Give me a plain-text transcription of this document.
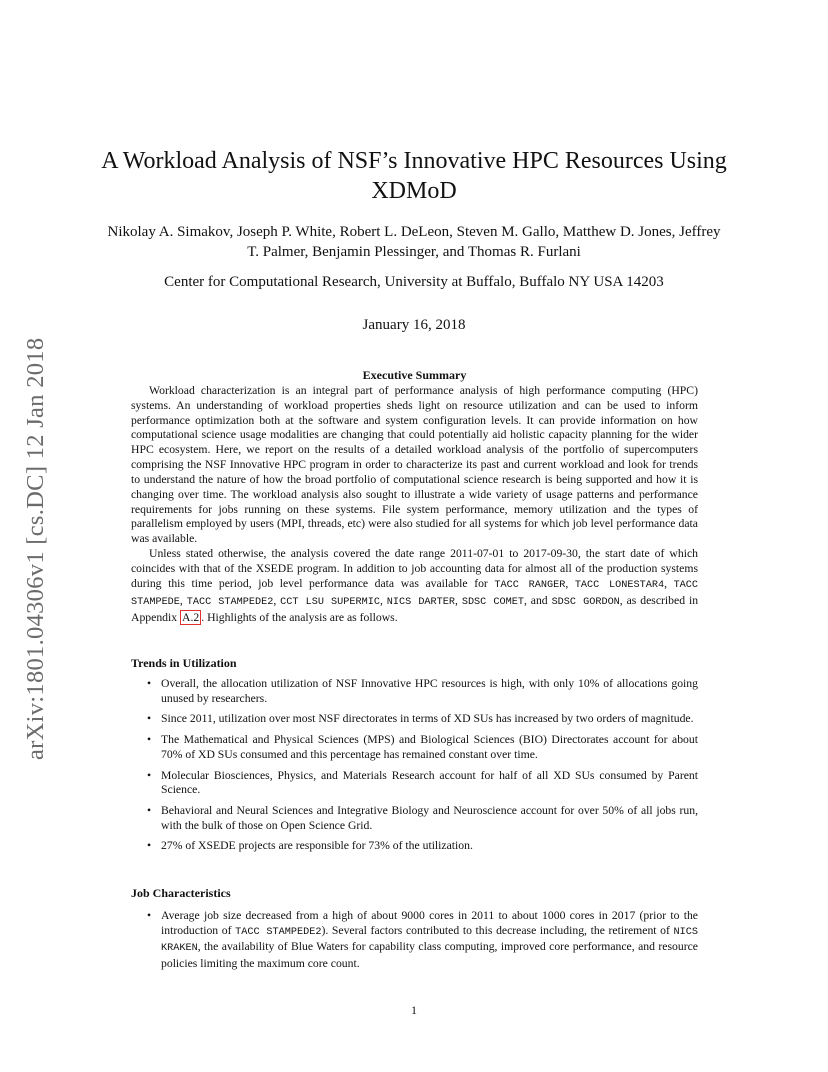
arXiv:1801.04306v1 [cs.DC] 12 Jan 2018
A Workload Analysis of NSF’s Innovative HPC Resources Using XDMoD
Nikolay A. Simakov, Joseph P. White, Robert L. DeLeon, Steven M. Gallo, Matthew D. Jones, Jeffrey T. Palmer, Benjamin Plessinger, and Thomas R. Furlani
Center for Computational Research, University at Buffalo, Buffalo NY USA 14203
January 16, 2018
Executive Summary

Workload characterization is an integral part of performance analysis of high performance computing (HPC) systems. An understanding of workload properties sheds light on resource utilization and can be used to inform performance optimization both at the software and system configuration levels. It can provide information on how computational science usage modalities are changing that could potentially aid holistic capacity planning for the wider HPC ecosystem. Here, we report on the results of a detailed workload analysis of the portfolio of supercomputers comprising the NSF Innovative HPC program in order to characterize its past and current workload and look for trends to understand the nature of how the broad portfolio of computational science research is being supported and how it is changing over time. The workload analysis also sought to illustrate a wide variety of usage patterns and performance requirements for jobs running on these systems. File system performance, memory utilization and the types of parallelism employed by users (MPI, threads, etc) were also studied for all systems for which job level performance data was available.

Unless stated otherwise, the analysis covered the date range 2011-07-01 to 2017-09-30, the start date of which coincides with that of the XSEDE program. In addition to job accounting data for almost all of the production systems during this time period, job level performance data was available for TACC RANGER, TACC LONESTAR4, TACC STAMPEDE, TACC STAMPEDE2, CCT LSU SUPERMIC, NICS DARTER, SDSC COMET, and SDSC GORDON, as described in Appendix A.2 . Highlights of the analysis are as follows.

Trends in Utilization
• Overall, the allocation utilization of NSF Innovative HPC resources is high, with only 10% of allocations going unused by researchers.
• Since 2011, utilization over most NSF directorates in terms of XD SUs has increased by two orders of magnitude.
• The Mathematical and Physical Sciences (MPS) and Biological Sciences (BIO) Directorates account for about 70% of XD SUs consumed and this percentage has remained constant over time.
• Molecular Biosciences, Physics, and Materials Research account for half of all XD SUs consumed by Parent Science.
• Behavioral and Neural Sciences and Integrative Biology and Neuroscience account for over 50% of all jobs run, with the bulk of those on Open Science Grid.
• 27% of XSEDE projects are responsible for 73% of the utilization.
Job Characteristics
• Average job size decreased from a high of about 9000 cores in 2011 to about 1000 cores in 2017 (prior to the introduction of TACC STAMPEDE2). Several factors contributed to this decrease including, the retirement of NICS KRAKEN, the availability of Blue Waters for capability class computing, improved core performance, and resource policies limiting the maximum core count.
1
